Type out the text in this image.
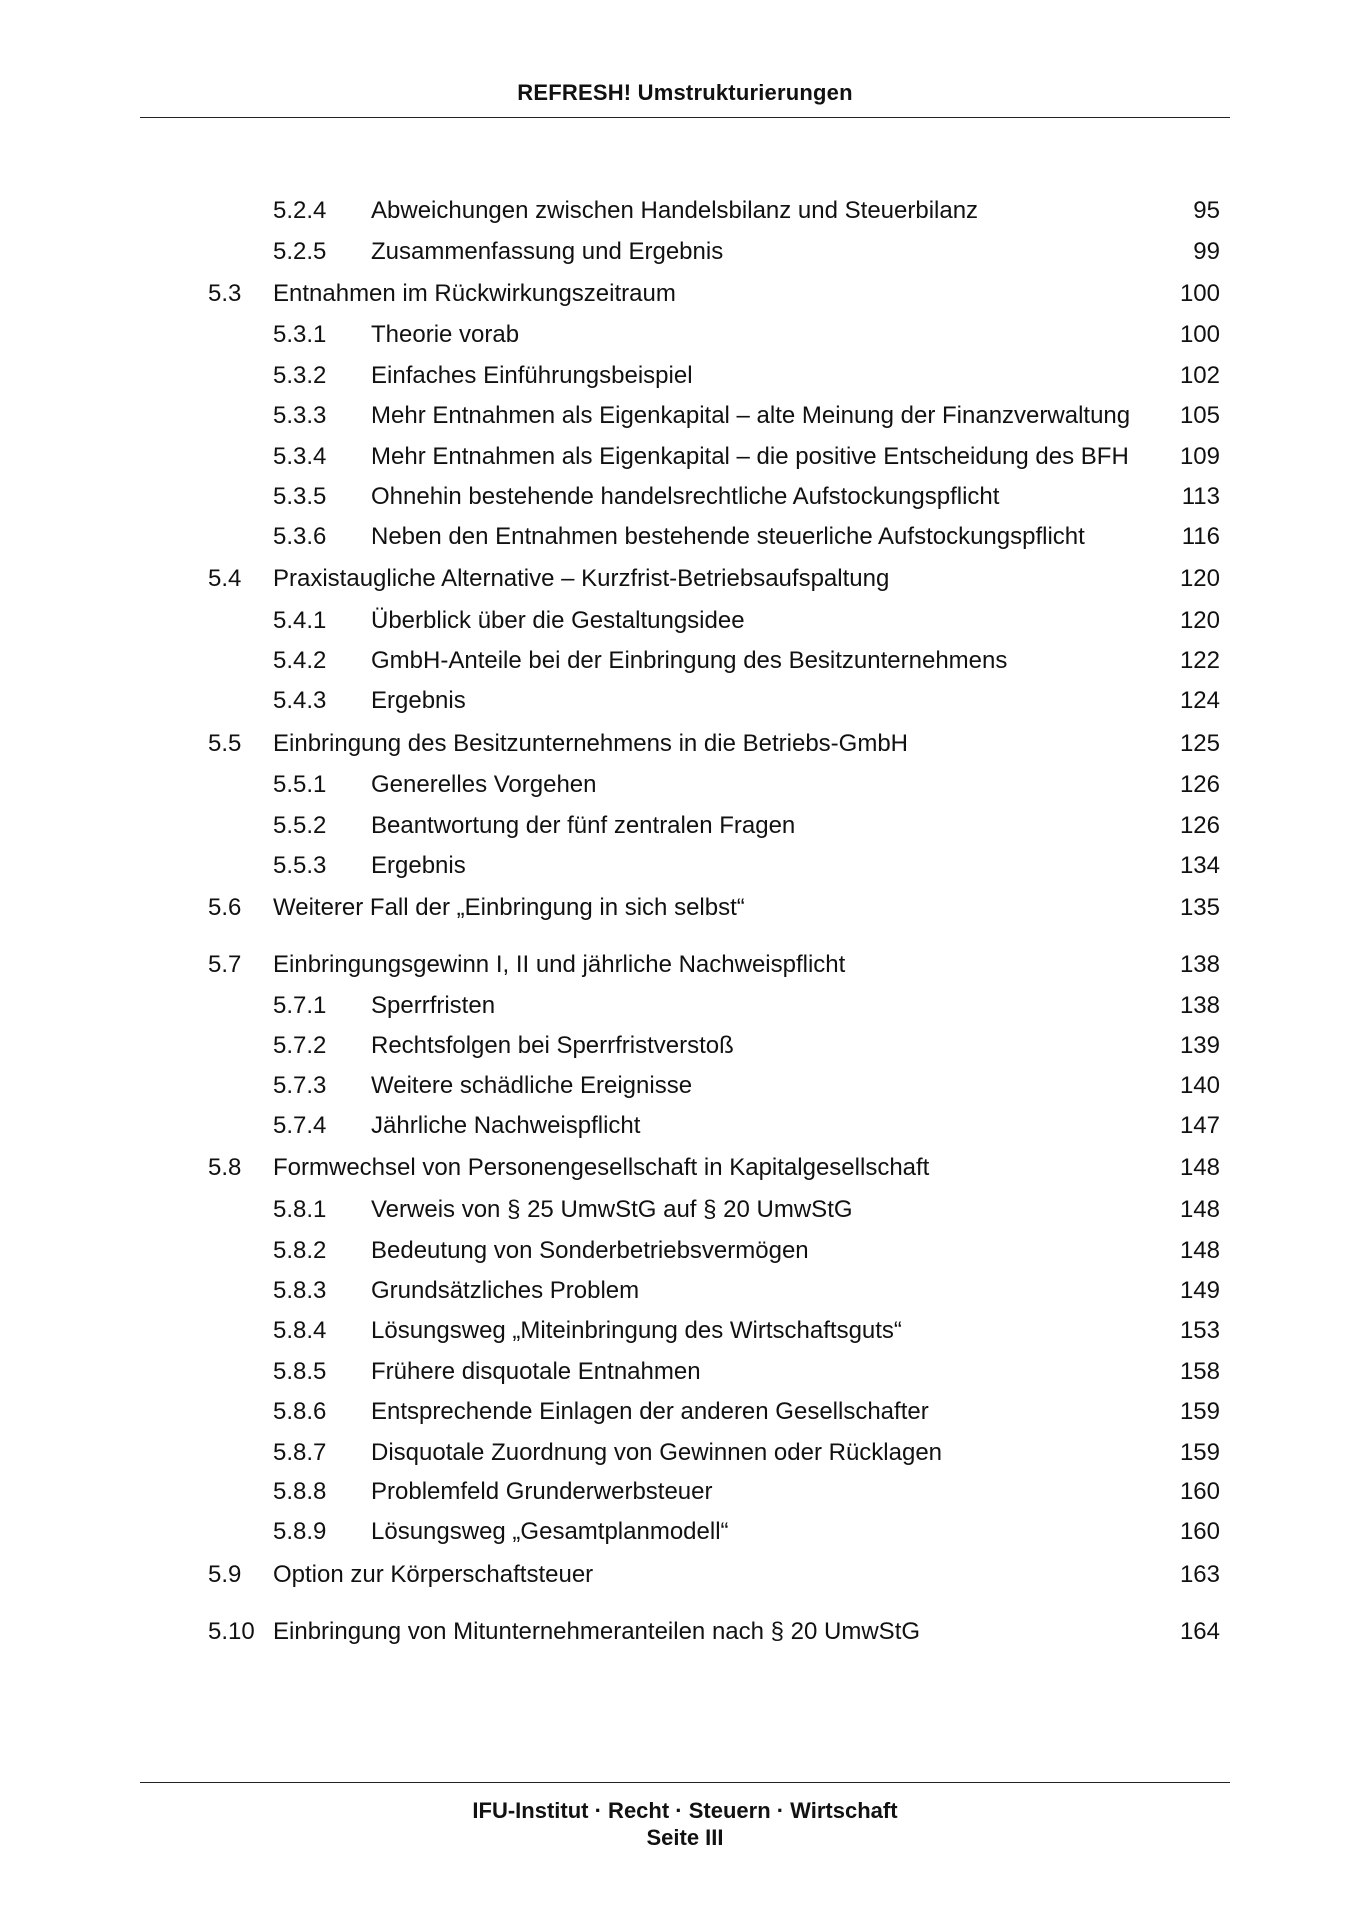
REFRESH! Umstrukturierungen
5.2.4 Abweichungen zwischen Handelsbilanz und Steuerbilanz	95
5.2.5 Zusammenfassung und Ergebnis	99
5.3 Entnahmen im Rückwirkungszeitraum	100
5.3.1 Theorie vorab	100
5.3.2 Einfaches Einführungsbeispiel	102
5.3.3 Mehr Entnahmen als Eigenkapital – alte Meinung der Finanzverwaltung 105
5.3.4 Mehr Entnahmen als Eigenkapital – die positive Entscheidung des BFH 109
5.3.5 Ohnehin bestehende handelsrechtliche Aufstockungspflicht	113
5.3.6 Neben den Entnahmen bestehende steuerliche Aufstockungspflicht	116
5.4 Praxistaugliche Alternative – Kurzfrist-Betriebsaufspaltung	120
5.4.1 Überblick über die Gestaltungsidee	120
5.4.2 GmbH-Anteile bei der Einbringung des Besitzunternehmens	122
5.4.3 Ergebnis	124
5.5 Einbringung des Besitzunternehmens in die Betriebs-GmbH	125
5.5.1 Generelles Vorgehen	126
5.5.2 Beantwortung der fünf zentralen Fragen	126
5.5.3 Ergebnis	134
5.6 Weiterer Fall der „Einbringung in sich selbst“	135
5.7 Einbringungsgewinn I, II und jährliche Nachweispflicht	138
5.7.1 Sperrfristen	138
5.7.2 Rechtsfolgen bei Sperrfristverstoß	139
5.7.3 Weitere schädliche Ereignisse	140
5.7.4 Jährliche Nachweispflicht	147
5.8 Formwechsel von Personengesellschaft in Kapitalgesellschaft	148
5.8.1 Verweis von § 25 UmwStG auf § 20 UmwStG	148
5.8.2 Bedeutung von Sonderbetriebsvermögen	148
5.8.3 Grundsätzliches Problem	149
5.8.4 Lösungsweg „Miteinbringung des Wirtschaftsguts“	153
5.8.5 Frühere disquotale Entnahmen	158
5.8.6 Entsprechende Einlagen der anderen Gesellschafter	159
5.8.7 Disquotale Zuordnung von Gewinnen oder Rücklagen	159
5.8.8 Problemfeld Grunderwerbsteuer	160
5.8.9 Lösungsweg „Gesamtplanmodell“	160
5.9 Option zur Körperschaftsteuer	163
5.10 Einbringung von Mitunternehmeranteilen nach § 20 UmwStG	164
IFU-Institut · Recht · Steuern · Wirtschaft
Seite III
